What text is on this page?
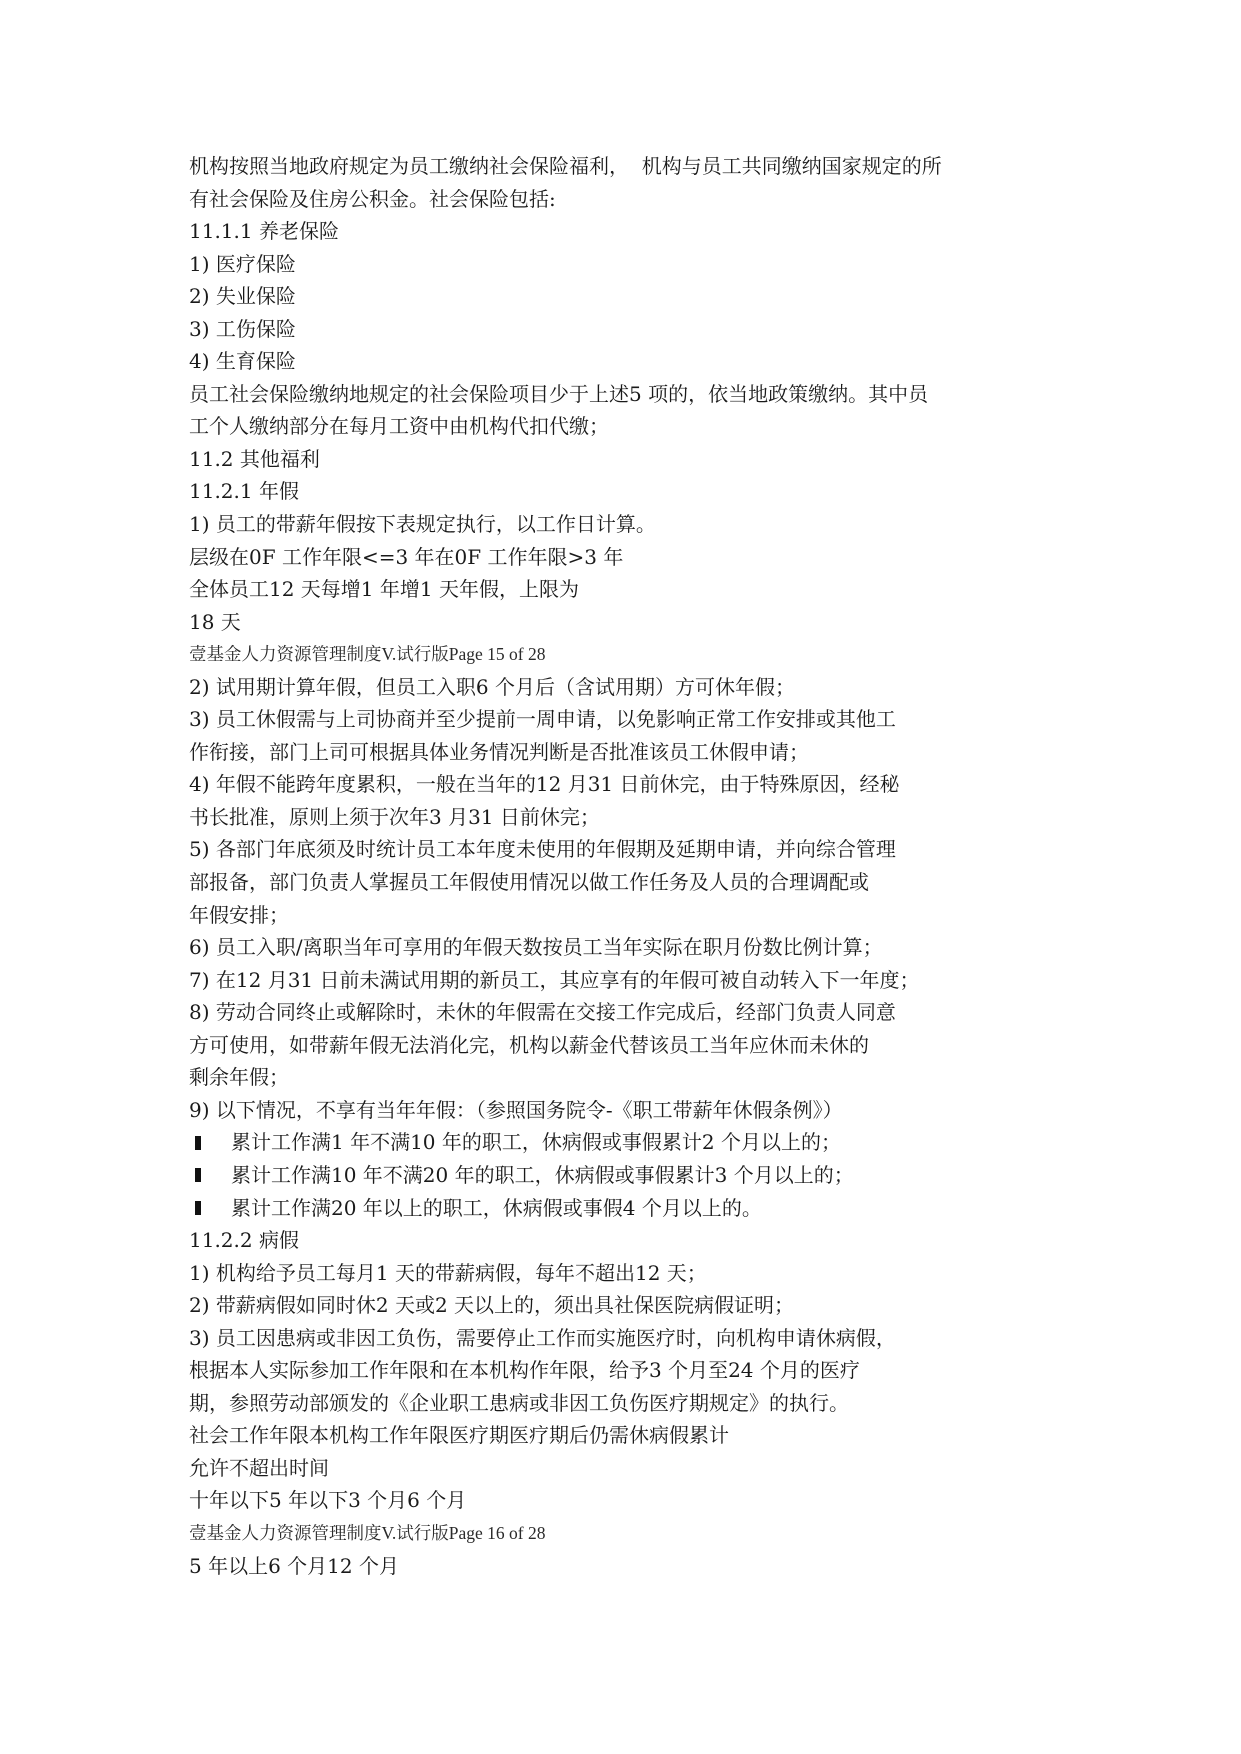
机构按照当地政府规定为员工缴纳社会保险福利，  机构与员工共同缴纳国家规定的所
有社会保险及住房公积金。社会保险包括:
11.1.1 养老保险
1) 医疗保险
2) 失业保险
3) 工伤保险
4) 生育保险
员工社会保险缴纳地规定的社会保险项目少于上述5 项的，依当地政策缴纳。其中员
工个人缴纳部分在每月工资中由机构代扣代缴；
11.2 其他福利
11.2.1 年假
1) 员工的带薪年假按下表规定执行，以工作日计算。
层级在0F 工作年限<=3 年在0F 工作年限>3 年
全体员工12 天每增1 年增1 天年假，上限为
18 天
壹基金人力资源管理制度V.试行版Page 15 of 28
2) 试用期计算年假，但员工入职6 个月后（含试用期）方可休年假；
3) 员工休假需与上司协商并至少提前一周申请，以免影响正常工作安排或其他工
作衔接，部门上司可根据具体业务情况判断是否批准该员工休假申请；
4) 年假不能跨年度累积，一般在当年的12 月31 日前休完，由于特殊原因，经秘
书长批准，原则上须于次年3 月31 日前休完；
5) 各部门年底须及时统计员工本年度未使用的年假期及延期申请，并向综合管理
部报备，部门负责人掌握员工年假使用情况以做工作任务及人员的合理调配或
年假安排；
6) 员工入职/离职当年可享用的年假天数按员工当年实际在职月份数比例计算；
7) 在12 月31 日前未满试用期的新员工，其应享有的年假可被自动转入下一年度；
8) 劳动合同终止或解除时，未休的年假需在交接工作完成后，经部门负责人同意
方可使用，如带薪年假无法消化完，机构以薪金代替该员工当年应休而未休的
剩余年假；
9) 以下情况，不享有当年年假：（参照国务院令-《职工带薪年休假条例》）
累计工作满1 年不满10 年的职工，休病假或事假累计2 个月以上的；
累计工作满10 年不满20 年的职工，休病假或事假累计3 个月以上的；
累计工作满20 年以上的职工，休病假或事假4 个月以上的。
11.2.2 病假
1) 机构给予员工每月1 天的带薪病假，每年不超出12 天；
2) 带薪病假如同时休2 天或2 天以上的，须出具社保医院病假证明；
3) 员工因患病或非因工负伤，需要停止工作而实施医疗时，向机构申请休病假，
根据本人实际参加工作年限和在本机构作年限，给予3 个月至24 个月的医疗
期，参照劳动部颁发的《企业职工患病或非因工负伤医疗期规定》的执行。
社会工作年限本机构工作年限医疗期医疗期后仍需休病假累计
允许不超出时间
十年以下5 年以下3 个月6 个月
壹基金人力资源管理制度V.试行版Page 16 of 28
5 年以上6 个月12 个月
